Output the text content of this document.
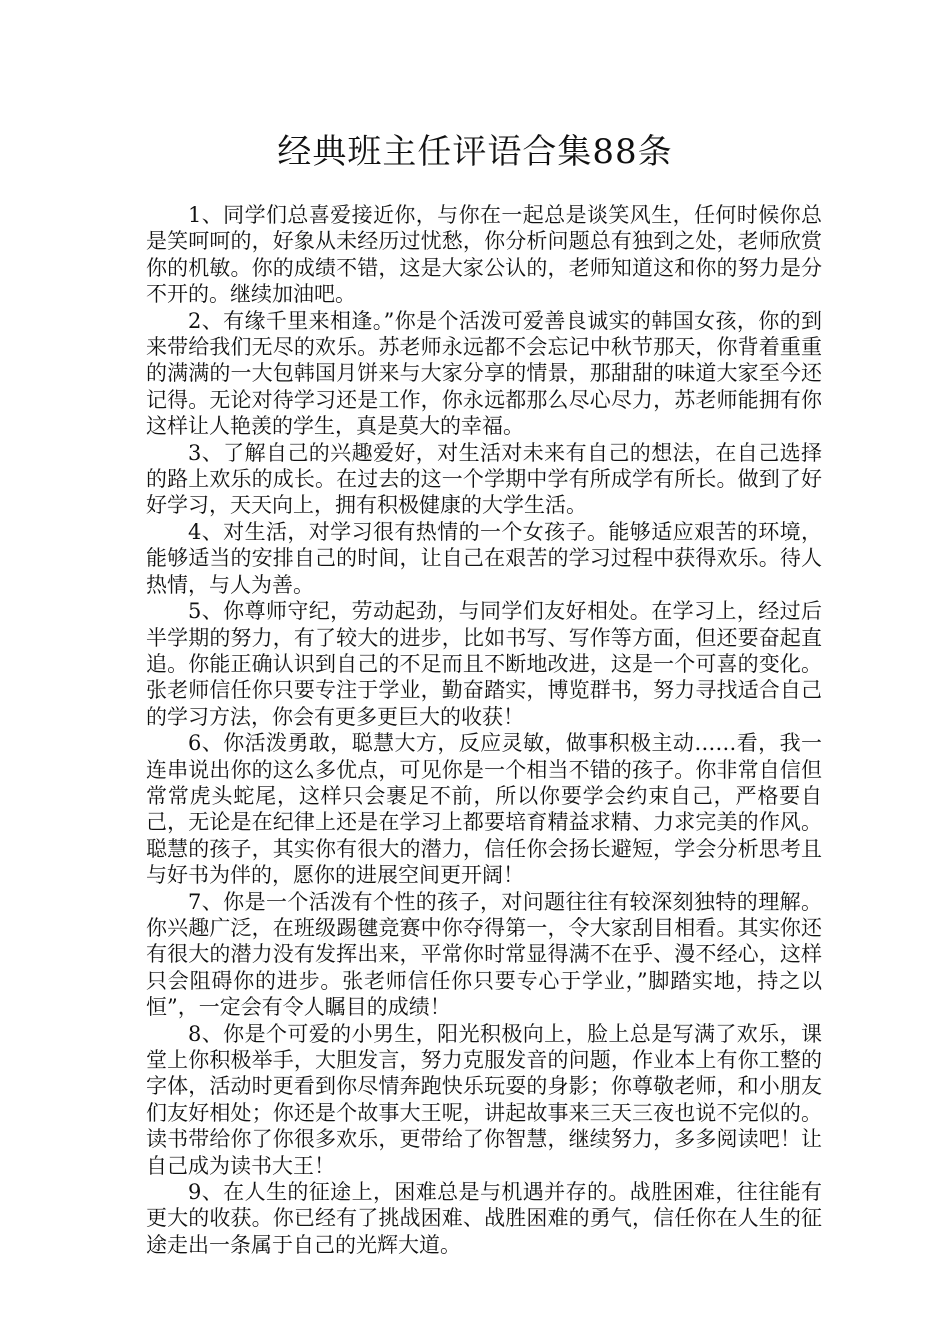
经典班主任评语合集88条

1、同学们总喜爱接近你，与你在一起总是谈笑风生，任何时候你总是笑呵呵的，好象从未经历过忧愁，你分析问题总有独到之处，老师欣赏你的机敏。你的成绩不错，这是大家公认的，老师知道这和你的努力是分不开的。继续加油吧。

2、有缘千里来相逢。”你是个活泼可爱善良诚实的韩国女孩，你的到来带给我们无尽的欢乐。苏老师永远都不会忘记中秋节那天，你背着重重的满满的一大包韩国月饼来与大家分享的情景，那甜甜的味道大家至今还记得。无论对待学习还是工作，你永远都那么尽心尽力，苏老师能拥有你这样让人艳羡的学生，真是莫大的幸福。

3、了解自己的兴趣爱好，对生活对未来有自己的想法，在自己选择的路上欢乐的成长。在过去的这一个学期中学有所成学有所长。做到了好好学习，天天向上，拥有积极健康的大学生活。

4、对生活，对学习很有热情的一个女孩子。能够适应艰苦的环境，能够适当的安排自己的时间，让自己在艰苦的学习过程中获得欢乐。待人热情，与人为善。

5、你尊师守纪，劳动起劲，与同学们友好相处。在学习上，经过后半学期的努力，有了较大的进步，比如书写、写作等方面，但还要奋起直追。你能正确认识到自己的不足而且不断地改进，这是一个可喜的变化。张老师信任你只要专注于学业，勤奋踏实，博览群书，努力寻找适合自己的学习方法，你会有更多更巨大的收获！

6、你活泼勇敢，聪慧大方，反应灵敏，做事积极主动……看，我一连串说出你的这么多优点，可见你是一个相当不错的孩子。你非常自信但常常虎头蛇尾，这样只会裹足不前，所以你要学会约束自己，严格要自己，无论是在纪律上还是在学习上都要培育精益求精、力求完美的作风。聪慧的孩子，其实你有很大的潜力，信任你会扬长避短，学会分析思考且与好书为伴的，愿你的进展空间更开阔！

7、你是一个活泼有个性的孩子，对问题往往有较深刻独特的理解。你兴趣广泛，在班级踢毽竞赛中你夺得第一，令大家刮目相看。其实你还有很大的潜力没有发挥出来，平常你时常显得满不在乎、漫不经心，这样只会阻碍你的进步。张老师信任你只要专心于学业，”脚踏实地，持之以恒”，一定会有令人瞩目的成绩！

8、你是个可爱的小男生，阳光积极向上，脸上总是写满了欢乐，课堂上你积极举手，大胆发言，努力克服发音的问题，作业本上有你工整的字体，活动时更看到你尽情奔跑快乐玩耍的身影；你尊敬老师，和小朋友们友好相处；你还是个故事大王呢，讲起故事来三天三夜也说不完似的。读书带给你了你很多欢乐，更带给了你智慧，继续努力，多多阅读吧！让自己成为读书大王！

9、在人生的征途上，困难总是与机遇并存的。战胜困难，往往能有更大的收获。你已经有了挑战困难、战胜困难的勇气，信任你在人生的征途走出一条属于自己的光辉大道。
